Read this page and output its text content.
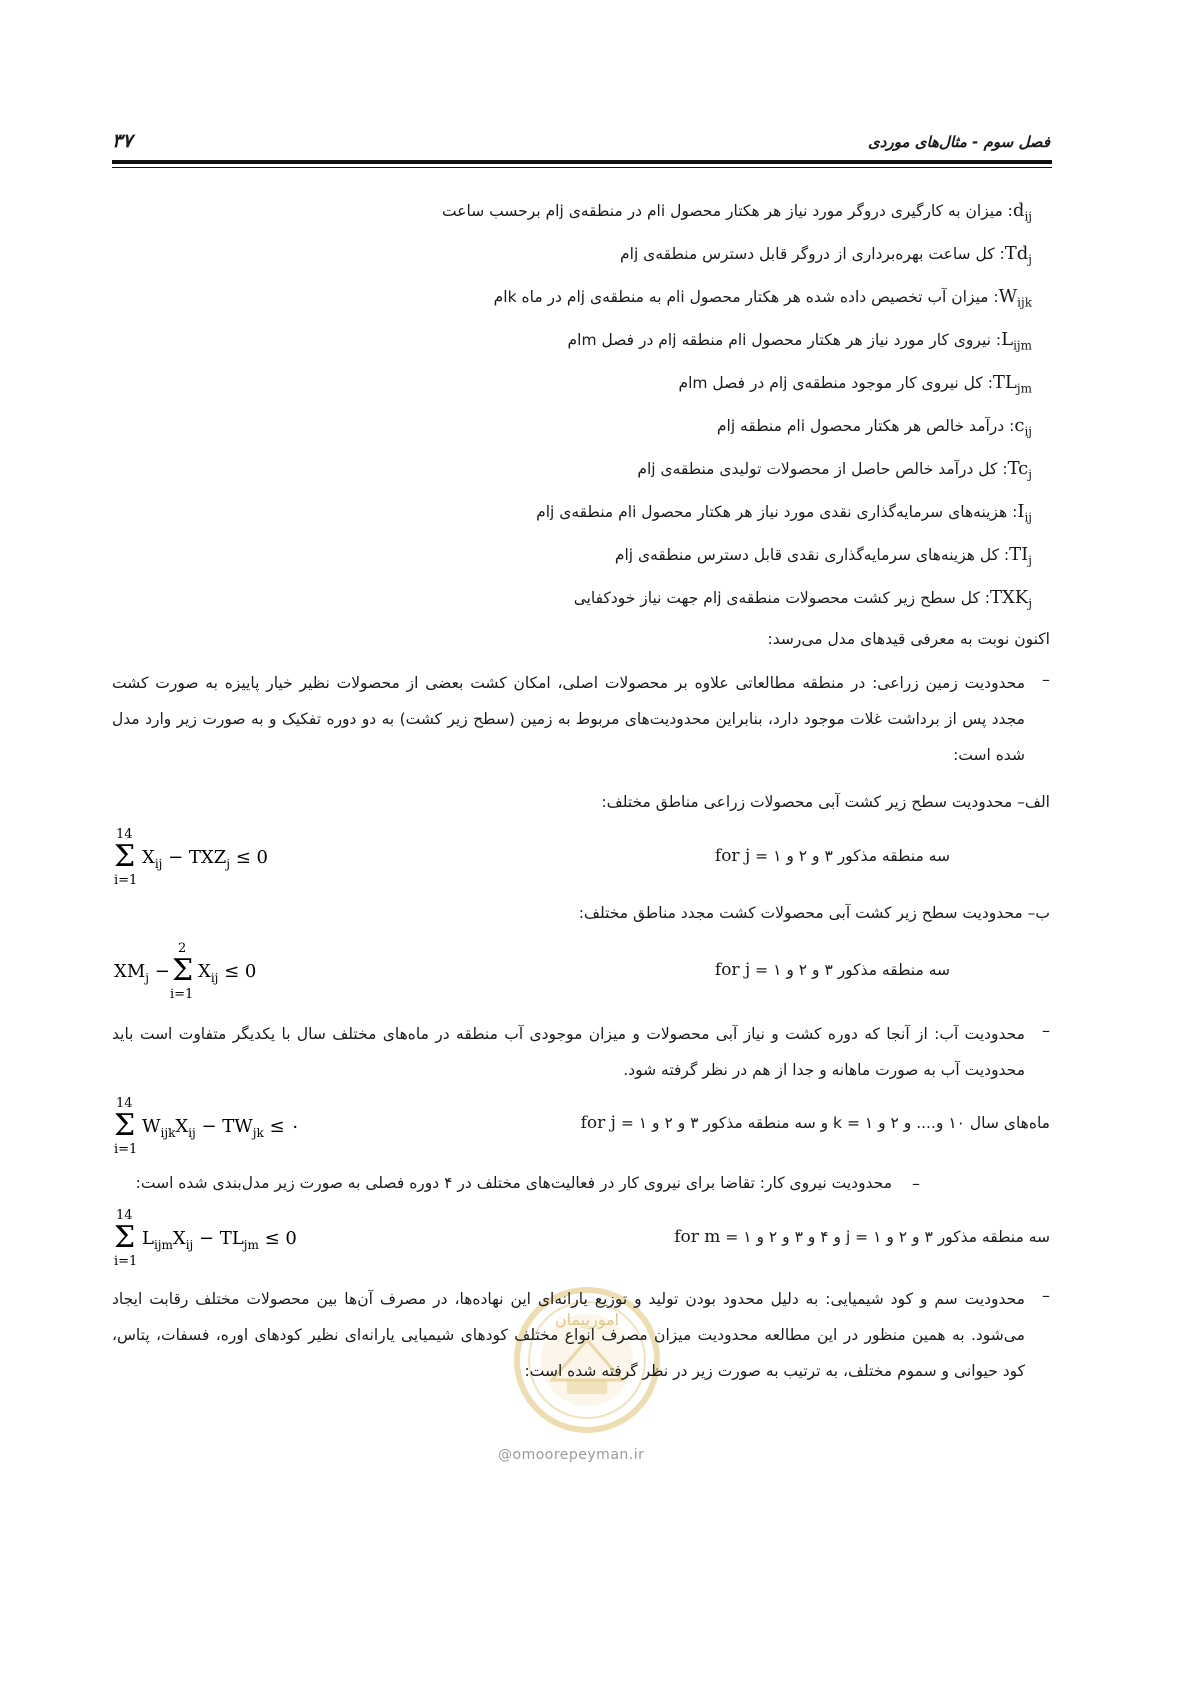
فصل سوم - مثال‌های موردی
۳۷
$d_{ij}$: میزان به کارگیری دروگر مورد نیاز هر هکتار محصول iام در منطقه‌ی jام برحسب ساعت
$Td_j$: کل ساعت بهره‌برداری از دروگر قابل دسترس منطقه‌ی jام
$W_{ijk}$: میزان آب تخصیص داده شده هر هکتار محصول iام به منطقه‌ی jام در ماه kام
$L_{ijm}$: نیروی کار مورد نیاز هر هکتار محصول iام منطقه jام در فصل mام
$TL_{jm}$: کل نیروی کار موجود منطقه‌ی jام در فصل mام
$c_{ij}$: درآمد خالص هر هکتار محصول iام منطقه jام
$Tc_j$: کل درآمد خالص حاصل از محصولات تولیدی منطقه‌ی jام
$I_{ij}$: هزینه‌های سرمایه‌گذاری نقدی مورد نیاز هر هکتار محصول iام منطقه‌ی jام
$TI_j$: کل هزینه‌های سرمایه‌گذاری نقدی قابل دسترس منطقه‌ی jام
$TXK_j$: کل سطح زیر کشت محصولات منطقه‌ی jام جهت نیاز خودکفایی
اکنون نوبت به معرفی قیدهای مدل می‌رسد:
–
محدودیت زمین زراعی: در منطقه مطالعاتی علاوه بر محصولات اصلی، امکان کشت بعضی از محصولات نظیر خیار پاییزه به صورت کشت مجدد پس از برداشت غلات موجود دارد، بنابراین محدودیت‌های مربوط به زمین (سطح زیر کشت) به دو دوره تفکیک و به صورت زیر وارد مدل شده است:
الف– محدودیت سطح زیر کشت آبی محصولات زراعی مناطق مختلف:
14
Σ
i=1
$X_{ij} - TXZ_j \le 0$	سه منطقه مذکور ۳ و ۲ و ۱ = for j
ب– محدودیت سطح زیر کشت آبی محصولات کشت مجدد مناطق مختلف:
$XM_j$ −
2
Σ
i=1
$X_{ij} \le 0$	سه منطقه مذکور ۳ و ۲ و ۱ = for j
–
محدودیت آب: از آنجا که دوره کشت و نیاز آبی محصولات و میزان موجودی آب منطقه در ماه‌های مختلف سال با یکدیگر متفاوت است باید محدودیت آب به صورت ماهانه و جدا از هم در نظر گرفته شود.
14
Σ
i=1
$W_{ijk}X_{ij} - TW_{jk}$ ≤ ۰	ماه‌های سال ۱۰ و.... و ۲ و ۱ = k و سه منطقه مذکور ۳ و ۲ و ۱ = for j
–
محدودیت نیروی کار: تقاضا برای نیروی کار در فعالیت‌های مختلف در ۴ دوره فصلی به صورت زیر مدل‌بندی شده است:
14
Σ
i=1
$L_{ijm}X_{ij} - TL_{jm} \le 0$	سه منطقه مذکور ۳ و ۲ و ۱ = j و ۴ و ۳ و ۲ و ۱ = for m
امورپیمان
@omoorepeyman.ir
–
محدودیت سم و کود شیمیایی: به دلیل محدود بودن تولید و توزیع یارانه‌ای این نهاده‌ها، در مصرف آن‌ها بین محصولات مختلف رقابت ایجاد می‌شود. به همین منظور در این مطالعه محدودیت میزان مصرف انواع مختلف کودهای شیمیایی یارانه‌ای نظیر کودهای اوره، فسفات، پتاس، کود حیوانی و سموم مختلف، به ترتیب به صورت زیر در نظر گرفته شده است:
